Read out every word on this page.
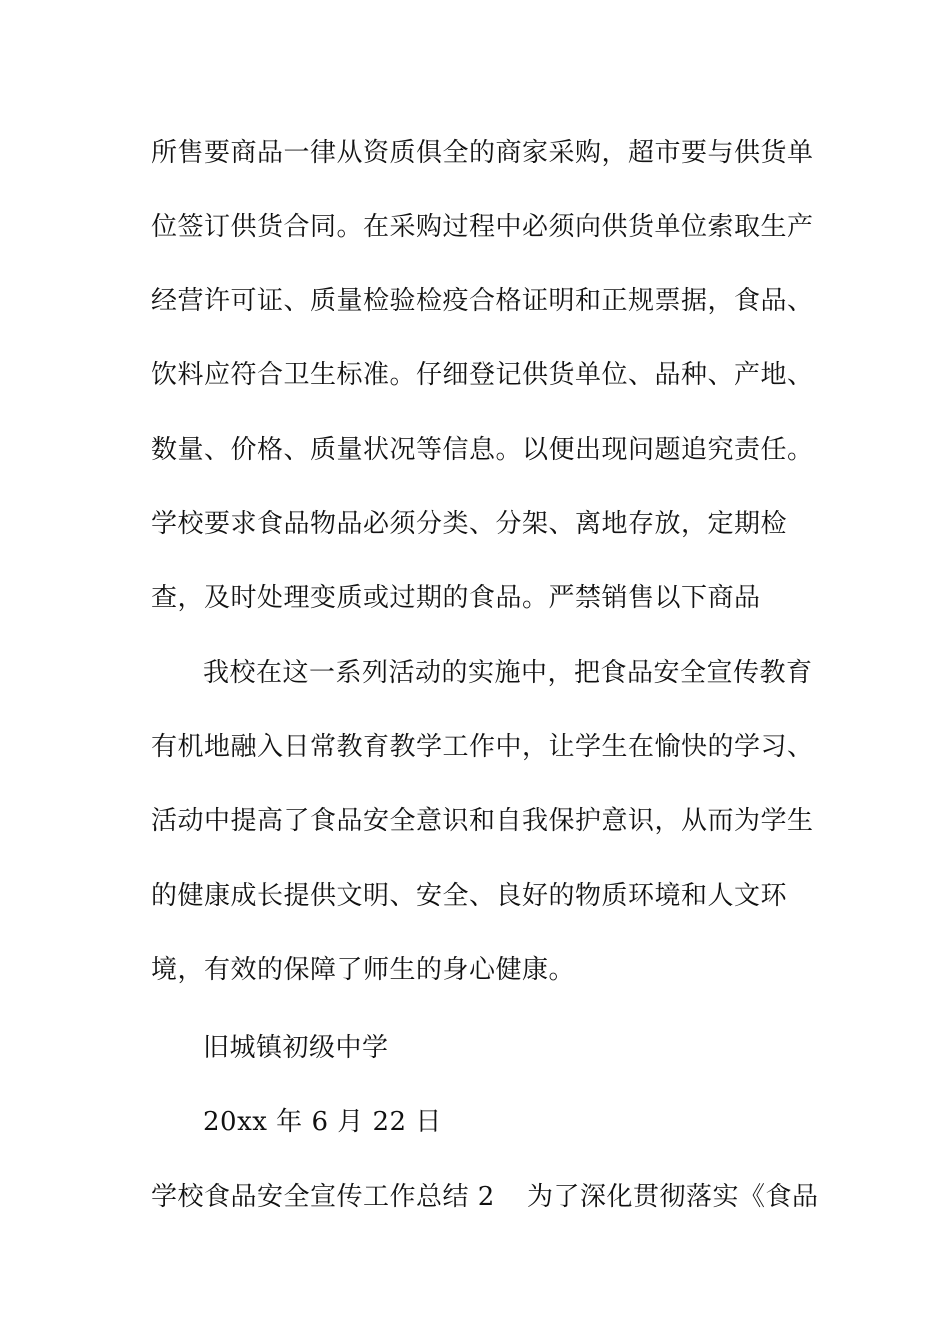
所售要商品一律从资质俱全的商家采购，超市要与供货单
位签订供货合同。在采购过程中必须向供货单位索取生产
经营许可证、质量检验检疫合格证明和正规票据，食品、
饮料应符合卫生标准。仔细登记供货单位、品种、产地、
数量、价格、质量状况等信息。以便出现问题追究责任。
学校要求食品物品必须分类、分架、离地存放，定期检
查，及时处理变质或过期的食品。严禁销售以下商品
我校在这一系列活动的实施中，把食品安全宣传教育
有机地融入日常教育教学工作中，让学生在愉快的学习、
活动中提高了食品安全意识和自我保护意识，从而为学生
的健康成长提供文明、安全、良好的物质环境和人文环
境，有效的保障了师生的身心健康。
旧城镇初级中学
20xx 年 6 月 22 日
学校食品安全宣传工作总结 2 为了深化贯彻落实《食品
